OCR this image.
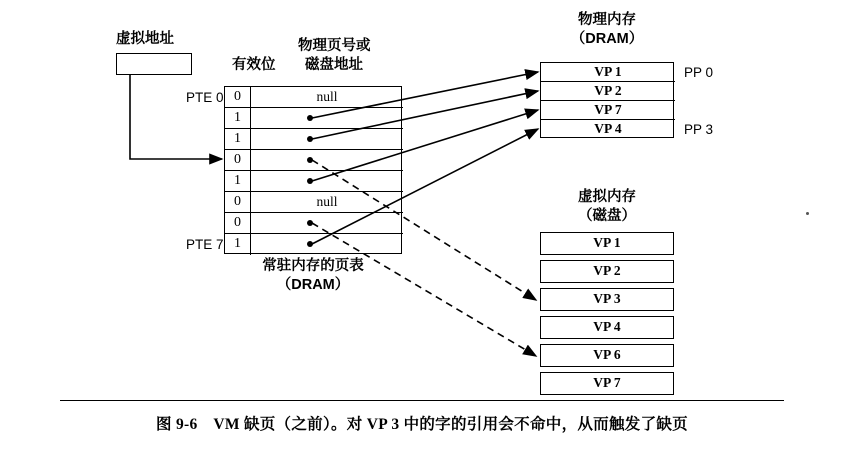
虚拟地址
有效位
物理页号或
磁盘地址
PTE 0
PTE 7
0	null
1
1
0
1
0	null
0
1
常驻内存的页表
（DRAM）
物理内存
（DRAM）
VP 1
VP 2
VP 7
VP 4
PP 0
PP 3
虚拟内存
（磁盘）
VP 1
VP 2
VP 3
VP 4
VP 6
VP 7
图 9-6　VM 缺页（之前）。对 VP 3 中的字的引用会不命中，从而触发了缺页
